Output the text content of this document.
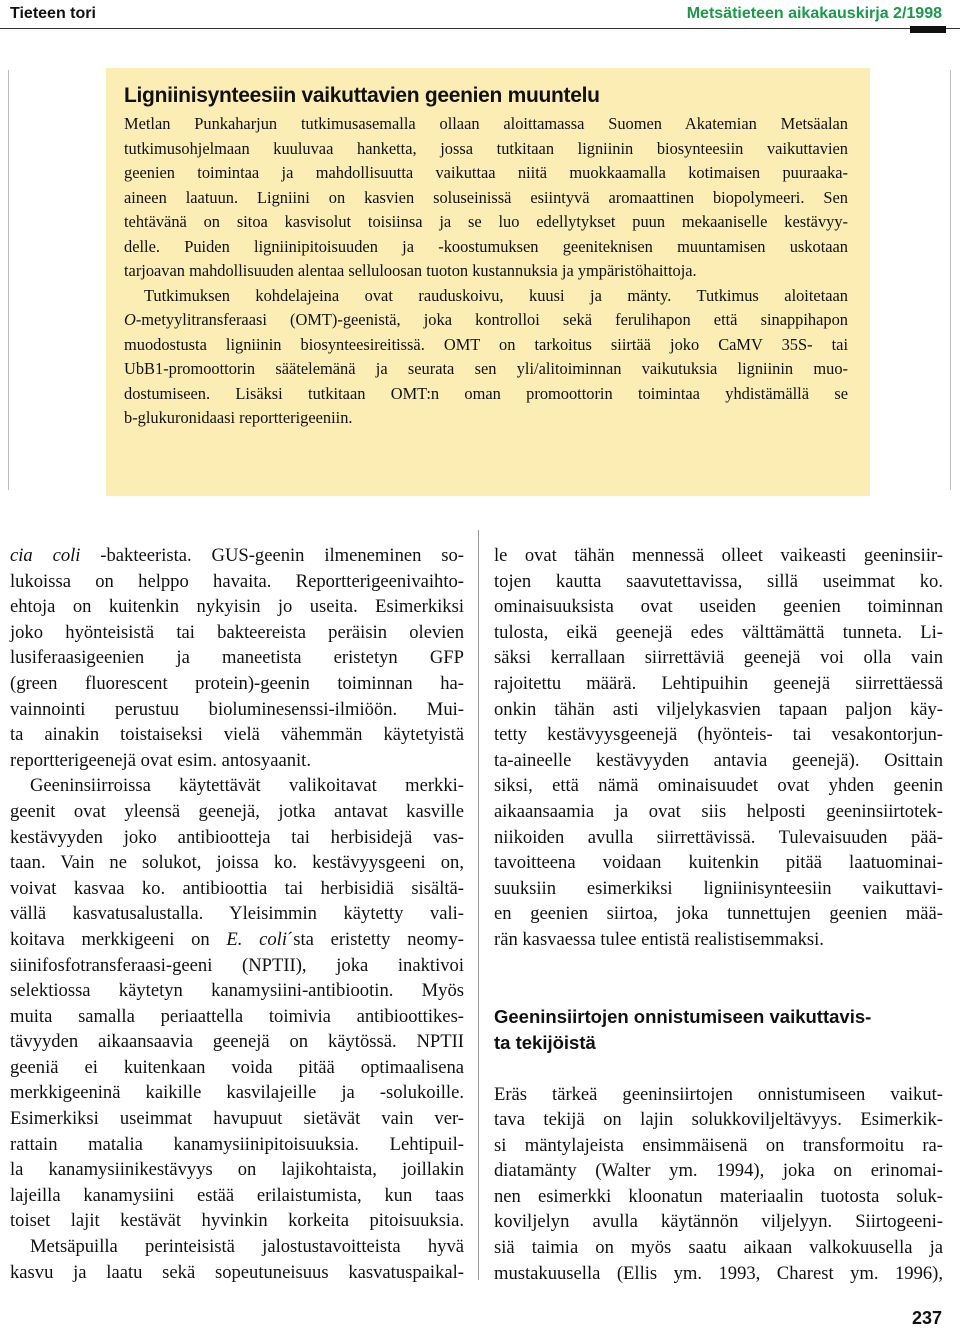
Tieteen tori	Metsätieteen aikakauskirja 2/1998
Ligniinisynteesiin vaikuttavien geenien muuntelu
Metlan Punkaharjun tutkimusasemalla ollaan aloittamassa Suomen Akatemian Metsäalan
tutkimusohjelmaan kuuluvaa hanketta, jossa tutkitaan ligniinin biosynteesiin vaikuttavien
geenien toimintaa ja mahdollisuutta vaikuttaa niitä muokkaamalla kotimaisen puuraaka-
aineen laatuun. Ligniini on kasvien soluseinissä esiintyvä aromaattinen biopolymeeri. Sen
tehtävänä on sitoa kasvisolut toisiinsa ja se luo edellytykset puun mekaaniselle kestävyy-
delle. Puiden ligniinipitoisuuden ja -koostumuksen geeniteknisen muuntamisen uskotaan
tarjoavan mahdollisuuden alentaa selluloosan tuoton kustannuksia ja ympäristöhaittoja.
Tutkimuksen kohdelajeina ovat rauduskoivu, kuusi ja mänty. Tutkimus aloitetaan
O-metyylitransferaasi (OMT)-geenistä, joka kontrolloi sekä ferulihapon että sinappihapon
muodostusta ligniinin biosynteesireitissä. OMT on tarkoitus siirtää joko CaMV 35S- tai
UbB1-promoottorin säätelemänä ja seurata sen yli/alitoiminnan vaikutuksia ligniinin muo-
dostumiseen. Lisäksi tutkitaan OMT:n oman promoottorin toimintaa yhdistämällä se
b-glukuronidaasi reportterigeeniin.
cia coli -bakteerista. GUS-geenin ilmeneminen so-
lukoissa on helppo havaita. Reportterigeenivaihto-
ehtoja on kuitenkin nykyisin jo useita. Esimerkiksi
joko hyönteisistä tai bakteereista peräisin olevien
lusiferaasigeenien ja maneetista eristetyn GFP
(green fluorescent protein)-geenin toiminnan ha-
vainnointi perustuu bioluminesenssi-ilmiöön. Mui-
ta ainakin toistaiseksi vielä vähemmän käytetyistä
reportterigeenejä ovat esim. antosyaanit.
Geeninsiirroissa käytettävät valikoitavat merkki-
geenit ovat yleensä geenejä, jotka antavat kasville
kestävyyden joko antibiootteja tai herbisidejä vas-
taan. Vain ne solukot, joissa ko. kestävyysgeeni on,
voivat kasvaa ko. antibioottia tai herbisidiä sisältä-
vällä kasvatusalustalla. Yleisimmin käytetty vali-
koitava merkkigeeni on E. coli´sta eristetty neomy-
siinifosfotransferaasi-geeni (NPTII), joka inaktivoi
selektiossa käytetyn kanamysiini-antibiootin. Myös
muita samalla periaattella toimivia antibioottikes-
tävyyden aikaansaavia geenejä on käytössä. NPTII
geeniä ei kuitenkaan voida pitää optimaalisena
merkkigeeninä kaikille kasvilajeille ja -solukoille.
Esimerkiksi useimmat havupuut sietävät vain ver-
rattain matalia kanamysiinipitoisuuksia. Lehtipuil-
la kanamysiinikestävyys on lajikohtaista, joillakin
lajeilla kanamysiini estää erilaistumista, kun taas
toiset lajit kestävät hyvinkin korkeita pitoisuuksia.
Metsäpuilla perinteisistä jalostustavoitteista hyvä
kasvu ja laatu sekä sopeutuneisuus kasvatuspaikal-
le ovat tähän mennessä olleet vaikeasti geeninsiir-
tojen kautta saavutettavissa, sillä useimmat ko.
ominaisuuksista ovat useiden geenien toiminnan
tulosta, eikä geenejä edes välttämättä tunneta. Li-
säksi kerrallaan siirrettäviä geenejä voi olla vain
rajoitettu määrä. Lehtipuihin geenejä siirrettäessä
onkin tähän asti viljelykasvien tapaan paljon käy-
tetty kestävyysgeenejä (hyönteis- tai vesakontorjun-
ta-aineelle kestävyyden antavia geenejä). Osittain
siksi, että nämä ominaisuudet ovat yhden geenin
aikaansaamia ja ovat siis helposti geeninsiirtotek-
niikoiden avulla siirrettävissä. Tulevaisuuden pää-
tavoitteena voidaan kuitenkin pitää laatuominai-
suuksiin esimerkiksi ligniinisynteesiin vaikuttavi-
en geenien siirtoa, joka tunnettujen geenien mää-
rän kasvaessa tulee entistä realistisemmaksi.
Geeninsiirtojen onnistumiseen vaikuttavis-
ta tekijöistä
Eräs tärkeä geeninsiirtojen onnistumiseen vaikut-
tava tekijä on lajin solukkoviljeltävyys. Esimerkik-
si mäntylajeista ensimmäisenä on transformoitu ra-
diatamänty (Walter ym. 1994), joka on erinomai-
nen esimerkki kloonatun materiaalin tuotosta soluk-
koviljelyn avulla käytännön viljelyyn. Siirtogeeni-
siä taimia on myös saatu aikaan valkokuusella ja
mustakuusella (Ellis ym. 1993, Charest ym. 1996),
237
